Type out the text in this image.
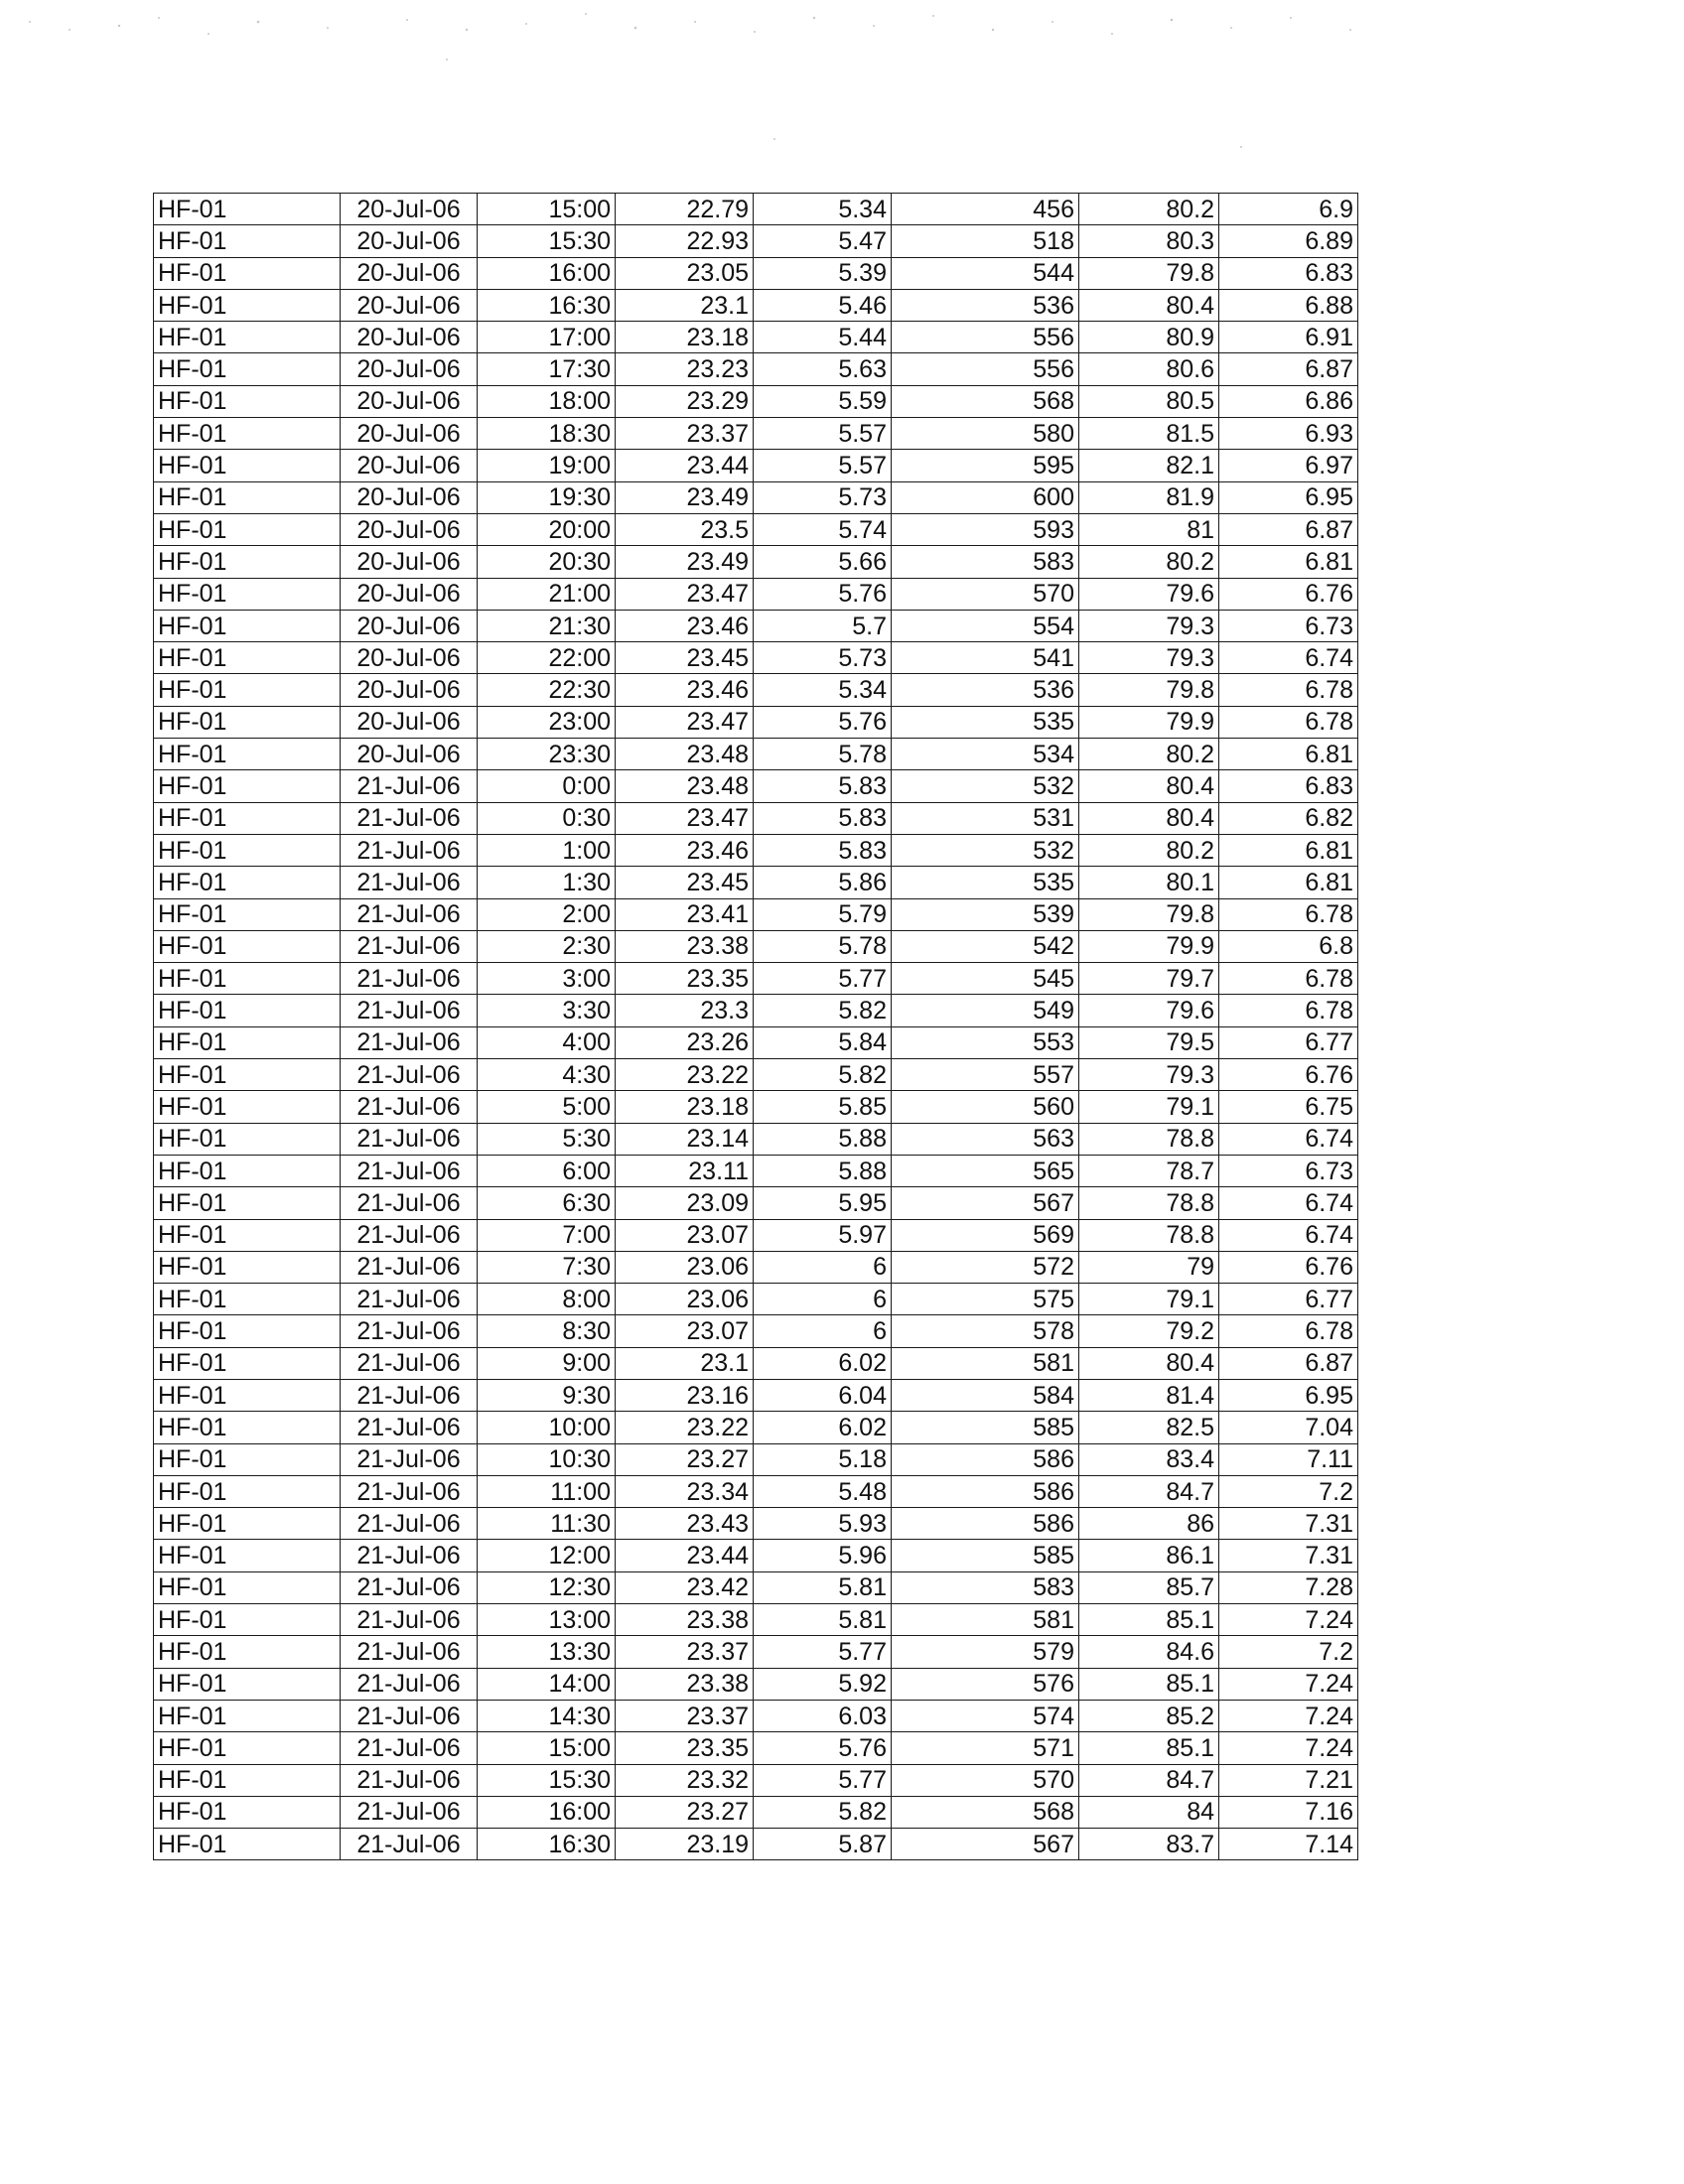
HF-01	20-Jul-06	15:00	22.79	5.34	456	80.2	6.9
HF-01	20-Jul-06	15:30	22.93	5.47	518	80.3	6.89
HF-01	20-Jul-06	16:00	23.05	5.39	544	79.8	6.83
HF-01	20-Jul-06	16:30	23.1	5.46	536	80.4	6.88
HF-01	20-Jul-06	17:00	23.18	5.44	556	80.9	6.91
HF-01	20-Jul-06	17:30	23.23	5.63	556	80.6	6.87
HF-01	20-Jul-06	18:00	23.29	5.59	568	80.5	6.86
HF-01	20-Jul-06	18:30	23.37	5.57	580	81.5	6.93
HF-01	20-Jul-06	19:00	23.44	5.57	595	82.1	6.97
HF-01	20-Jul-06	19:30	23.49	5.73	600	81.9	6.95
HF-01	20-Jul-06	20:00	23.5	5.74	593	81	6.87
HF-01	20-Jul-06	20:30	23.49	5.66	583	80.2	6.81
HF-01	20-Jul-06	21:00	23.47	5.76	570	79.6	6.76
HF-01	20-Jul-06	21:30	23.46	5.7	554	79.3	6.73
HF-01	20-Jul-06	22:00	23.45	5.73	541	79.3	6.74
HF-01	20-Jul-06	22:30	23.46	5.34	536	79.8	6.78
HF-01	20-Jul-06	23:00	23.47	5.76	535	79.9	6.78
HF-01	20-Jul-06	23:30	23.48	5.78	534	80.2	6.81
HF-01	21-Jul-06	0:00	23.48	5.83	532	80.4	6.83
HF-01	21-Jul-06	0:30	23.47	5.83	531	80.4	6.82
HF-01	21-Jul-06	1:00	23.46	5.83	532	80.2	6.81
HF-01	21-Jul-06	1:30	23.45	5.86	535	80.1	6.81
HF-01	21-Jul-06	2:00	23.41	5.79	539	79.8	6.78
HF-01	21-Jul-06	2:30	23.38	5.78	542	79.9	6.8
HF-01	21-Jul-06	3:00	23.35	5.77	545	79.7	6.78
HF-01	21-Jul-06	3:30	23.3	5.82	549	79.6	6.78
HF-01	21-Jul-06	4:00	23.26	5.84	553	79.5	6.77
HF-01	21-Jul-06	4:30	23.22	5.82	557	79.3	6.76
HF-01	21-Jul-06	5:00	23.18	5.85	560	79.1	6.75
HF-01	21-Jul-06	5:30	23.14	5.88	563	78.8	6.74
HF-01	21-Jul-06	6:00	23.11	5.88	565	78.7	6.73
HF-01	21-Jul-06	6:30	23.09	5.95	567	78.8	6.74
HF-01	21-Jul-06	7:00	23.07	5.97	569	78.8	6.74
HF-01	21-Jul-06	7:30	23.06	6	572	79	6.76
HF-01	21-Jul-06	8:00	23.06	6	575	79.1	6.77
HF-01	21-Jul-06	8:30	23.07	6	578	79.2	6.78
HF-01	21-Jul-06	9:00	23.1	6.02	581	80.4	6.87
HF-01	21-Jul-06	9:30	23.16	6.04	584	81.4	6.95
HF-01	21-Jul-06	10:00	23.22	6.02	585	82.5	7.04
HF-01	21-Jul-06	10:30	23.27	5.18	586	83.4	7.11
HF-01	21-Jul-06	11:00	23.34	5.48	586	84.7	7.2
HF-01	21-Jul-06	11:30	23.43	5.93	586	86	7.31
HF-01	21-Jul-06	12:00	23.44	5.96	585	86.1	7.31
HF-01	21-Jul-06	12:30	23.42	5.81	583	85.7	7.28
HF-01	21-Jul-06	13:00	23.38	5.81	581	85.1	7.24
HF-01	21-Jul-06	13:30	23.37	5.77	579	84.6	7.2
HF-01	21-Jul-06	14:00	23.38	5.92	576	85.1	7.24
HF-01	21-Jul-06	14:30	23.37	6.03	574	85.2	7.24
HF-01	21-Jul-06	15:00	23.35	5.76	571	85.1	7.24
HF-01	21-Jul-06	15:30	23.32	5.77	570	84.7	7.21
HF-01	21-Jul-06	16:00	23.27	5.82	568	84	7.16
HF-01	21-Jul-06	16:30	23.19	5.87	567	83.7	7.14
